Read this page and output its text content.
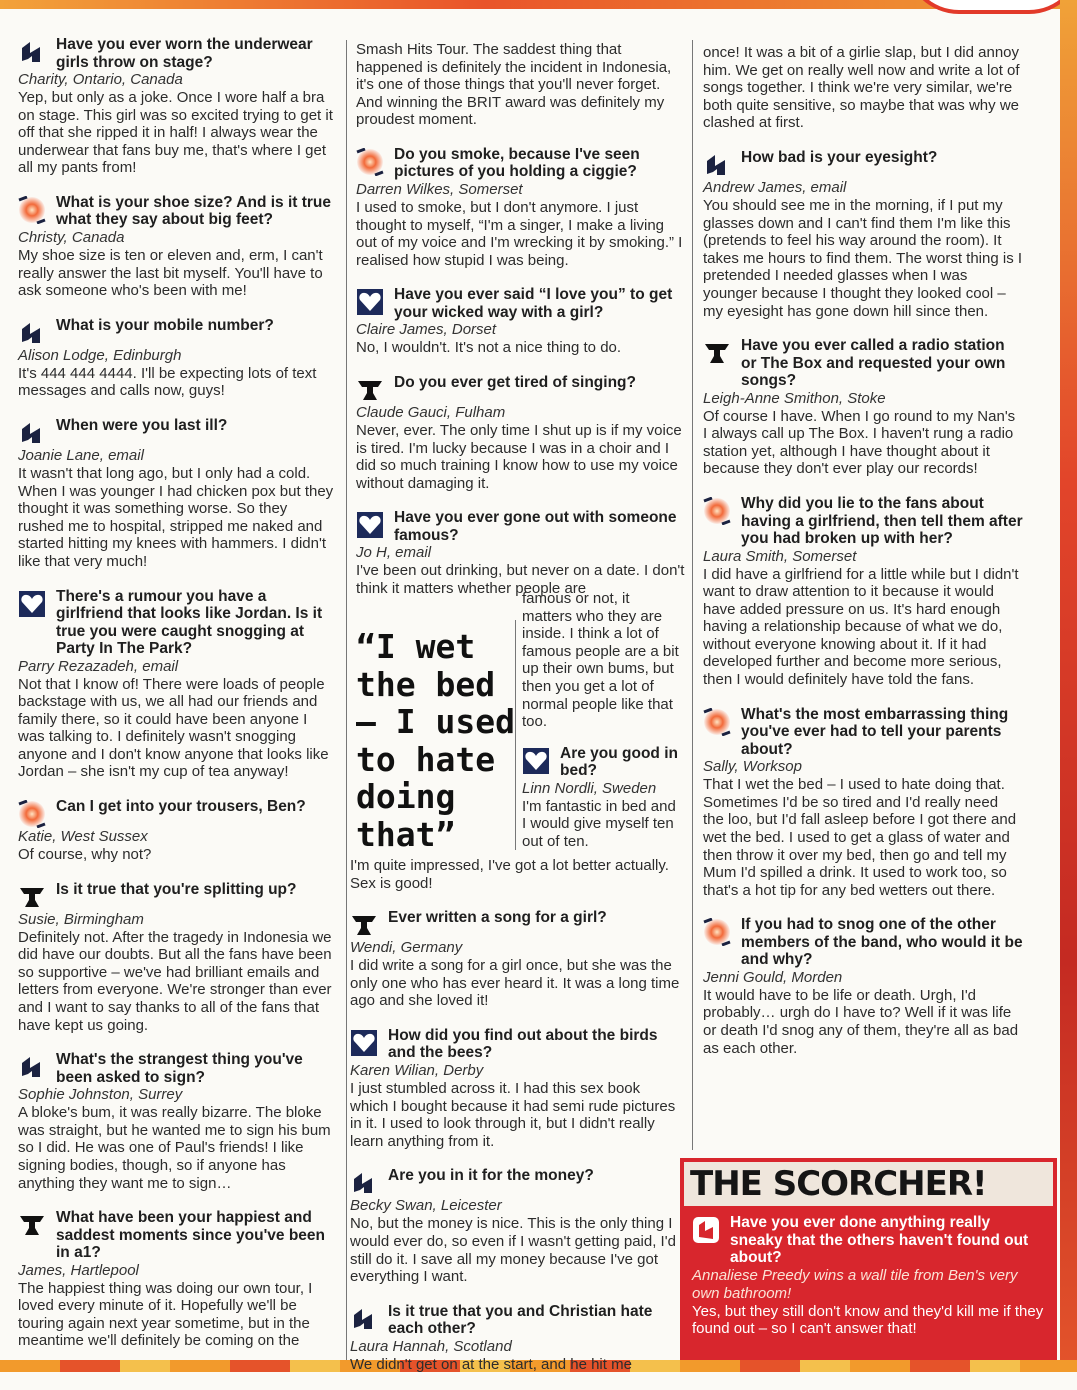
Have you ever worn the underwear girls throw on stage?
Charity, Ontario, Canada
Yep, but only as a joke. Once I wore half a bra on stage. This girl was so excited trying to get it off that she ripped it in half! I always wear the underwear that fans buy me, that's where I get all my pants from!
What is your shoe size? And is it true what they say about big feet?
Christy, Canada
My shoe size is ten or eleven and, erm, I can't really answer the last bit myself. You'll have to ask someone who's been with me!
What is your mobile number?
Alison Lodge, Edinburgh
It's 444 444 4444. I'll be expecting lots of text messages and calls now, guys!
When were you last ill?
Joanie Lane, email
It wasn't that long ago, but I only had a cold. When I was younger I had chicken pox but they thought it was something worse. So they rushed me to hospital, stripped me naked and started hitting my knees with hammers. I didn't like that very much!
There's a rumour you have a girlfriend that looks like Jordan. Is it true you were caught snogging at Party In The Park?
Parry Rezazadeh, email
Not that I know of! There were loads of people backstage with us, we all had our friends and family there, so it could have been anyone I was talking to. I definitely wasn't snogging anyone and I don't know anyone that looks like Jordan – she isn't my cup of tea anyway!
Can I get into your trousers, Ben?
Katie, West Sussex
Of course, why not?
Is it true that you're splitting up?
Susie, Birmingham
Definitely not. After the tragedy in Indonesia we did have our doubts. But all the fans have been so supportive – we've had brilliant emails and letters from everyone. We're stronger than ever and I want to say thanks to all of the fans that have kept us going.
What's the strangest thing you've been asked to sign?
Sophie Johnston, Surrey
A bloke's bum, it was really bizarre. The bloke was straight, but he wanted me to sign his bum so I did. He was one of Paul's friends! I like signing bodies, though, so if anyone has anything they want me to sign…
What have been your happiest and saddest moments since you've been in a1?
James, Hartlepool
The happiest thing was doing our own tour, I loved every minute of it. Hopefully we'll be touring again next year sometime, but in the meantime we'll definitely be coming on the
Smash Hits Tour. The saddest thing that happened is definitely the incident in Indonesia, it's one of those things that you'll never forget. And winning the BRIT award was definitely my proudest moment.
Do you smoke, because I've seen pictures of you holding a ciggie?
Darren Wilkes, Somerset
I used to smoke, but I don't anymore. I just thought to myself, “I'm a singer, I make a living out of my voice and I'm wrecking it by smoking.” I realised how stupid I was being.
Have you ever said “I love you” to get your wicked way with a girl?
Claire James, Dorset
No, I wouldn't. It's not a nice thing to do.
Do you ever get tired of singing?
Claude Gauci, Fulham
Never, ever. The only time I shut up is if my voice is tired. I'm lucky because I was in a choir and I did so much training I know how to use my voice without damaging it.
Have you ever gone out with someone famous?
Jo H, email
I've been out drinking, but never on a date. I don't think it matters whether people are
famous or not, it matters who they are inside. I think a lot of famous people are a bit up their own bums, but then you get a lot of normal people like that too.
Are you good in bed?
Linn Nordli, Sweden
I'm fantastic in bed and I would give myself ten out of ten.
I'm quite impressed, I've got a lot better actually. Sex is good!
Ever written a song for a girl?
Wendi, Germany
I did write a song for a girl once, but she was the only one who has ever heard it. It was a long time ago and she loved it!
How did you find out about the birds and the bees?
Karen Wilian, Derby
I just stumbled across it. I had this sex book which I bought because it had semi rude pictures in it. I used to look through it, but I didn't really learn anything from it.
Are you in it for the money?
Becky Swan, Leicester
No, but the money is nice. This is the only thing I would ever do, so even if I wasn't getting paid, I'd still do it. I save all my money because I've got everything I want.
Is it true that you and Christian hate each other?
Laura Hannah, Scotland
We didn't get on at the start, and he hit me
once! It was a bit of a girlie slap, but I did annoy him. We get on really well now and write a lot of songs together. I think we're very similar, we're both quite sensitive, so maybe that was why we clashed at first.
How bad is your eyesight?
Andrew James, email
You should see me in the morning, if I put my glasses down and I can't find them I'm like this (pretends to feel his way around the room). It takes me hours to find them. The worst thing is I pretended I needed glasses when I was younger because I thought they looked cool – my eyesight has gone down hill since then.
Have you ever called a radio station or The Box and requested your own songs?
Leigh-Anne Smithon, Stoke
Of course I have. When I go round to my Nan's I always call up The Box. I haven't rung a radio station yet, although I have thought about it because they don't ever play our records!
Why did you lie to the fans about having a girlfriend, then tell them after you had broken up with her?
Laura Smith, Somerset
I did have a girlfriend for a little while but I didn't want to draw attention to it because it would have added pressure on us. It's hard enough having a relationship because of what we do, without everyone knowing about it. If it had developed further and become more serious, then I would definitely have told the fans.
What's the most embarrassing thing you've ever had to tell your parents about?
Sally, Worksop
That I wet the bed – I used to hate doing that. Sometimes I'd be so tired and I'd really need the loo, but I'd fall asleep before I got there and wet the bed. I used to get a glass of water and then throw it over my bed, then go and tell my Mum I'd spilled a drink. It used to work too, so that's a hot tip for any bed wetters out there.
If you had to snog one of the other members of the band, who would it be and why?
Jenni Gould, Morden
It would have to be life or death. Urgh, I'd probably… urgh do I have to? Well if it was life or death I'd snog any of them, they're all as bad as each other.
“I wet the bed – I used to hate doing that”
THE SCORCHER!
Have you ever done anything really sneaky that the others haven't found out about?
Annaliese Preedy wins a wall tile from Ben's very own bathroom!
Yes, but they still don't know and they'd kill me if they found out – so I can't answer that!
